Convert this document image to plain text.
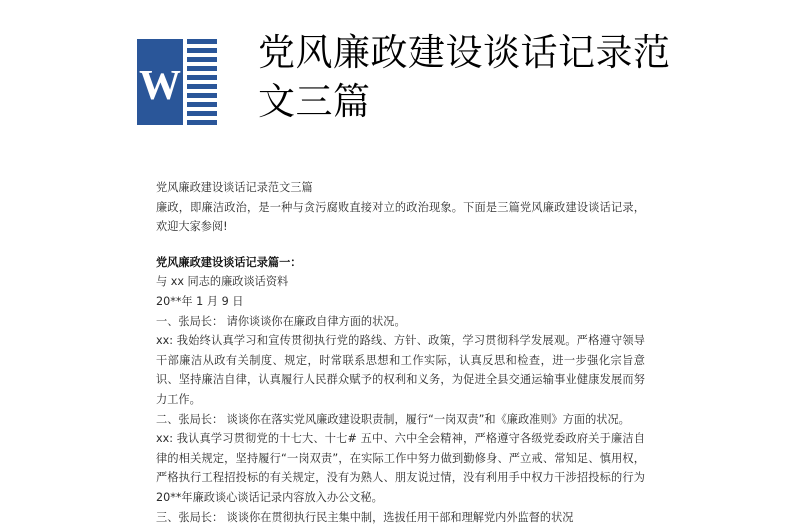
W
党风廉政建设谈话记录范文三篇

党风廉政建设谈话记录范文三篇

廉政，即廉洁政治，是一种与贪污腐败直接对立的政治现象。下面是三篇党风廉政建设谈话记录，欢迎大家参阅!

党风廉政建设谈话记录篇一：

与 xx 同志的廉政谈话资料

20**年 1 月 9 日

一、张局长： 请你谈谈你在廉政自律方面的状况。

xx: 我始终认真学习和宣传贯彻执行党的路线、方针、政策，学习贯彻科学发展观。严格遵守领导干部廉洁从政有关制度、规定，时常联系思想和工作实际，认真反思和检查，进一步强化宗旨意识、坚持廉洁自律，认真履行人民群众赋予的权利和义务，为促进全县交通运输事业健康发展而努力工作。

二、张局长： 谈谈你在落实党风廉政建设职责制，履行“一岗双责”和《廉政准则》方面的状况。

xx: 我认真学习贯彻党的十七大、十七# 五中、六中全会精神，严格遵守各级党委政府关于廉洁自律的相关规定，坚持履行“一岗双责”，在实际工作中努力做到勤修身、严立戒、常知足、慎用权，严格执行工程招投标的有关规定，没有为熟人、朋友说过情，没有利用手中权力干涉招投标的行为 20**年廉政谈心谈话记录内容放入办公文秘。

三、张局长： 谈谈你在贯彻执行民主集中制，选拔任用干部和理解党内外监督的状况
